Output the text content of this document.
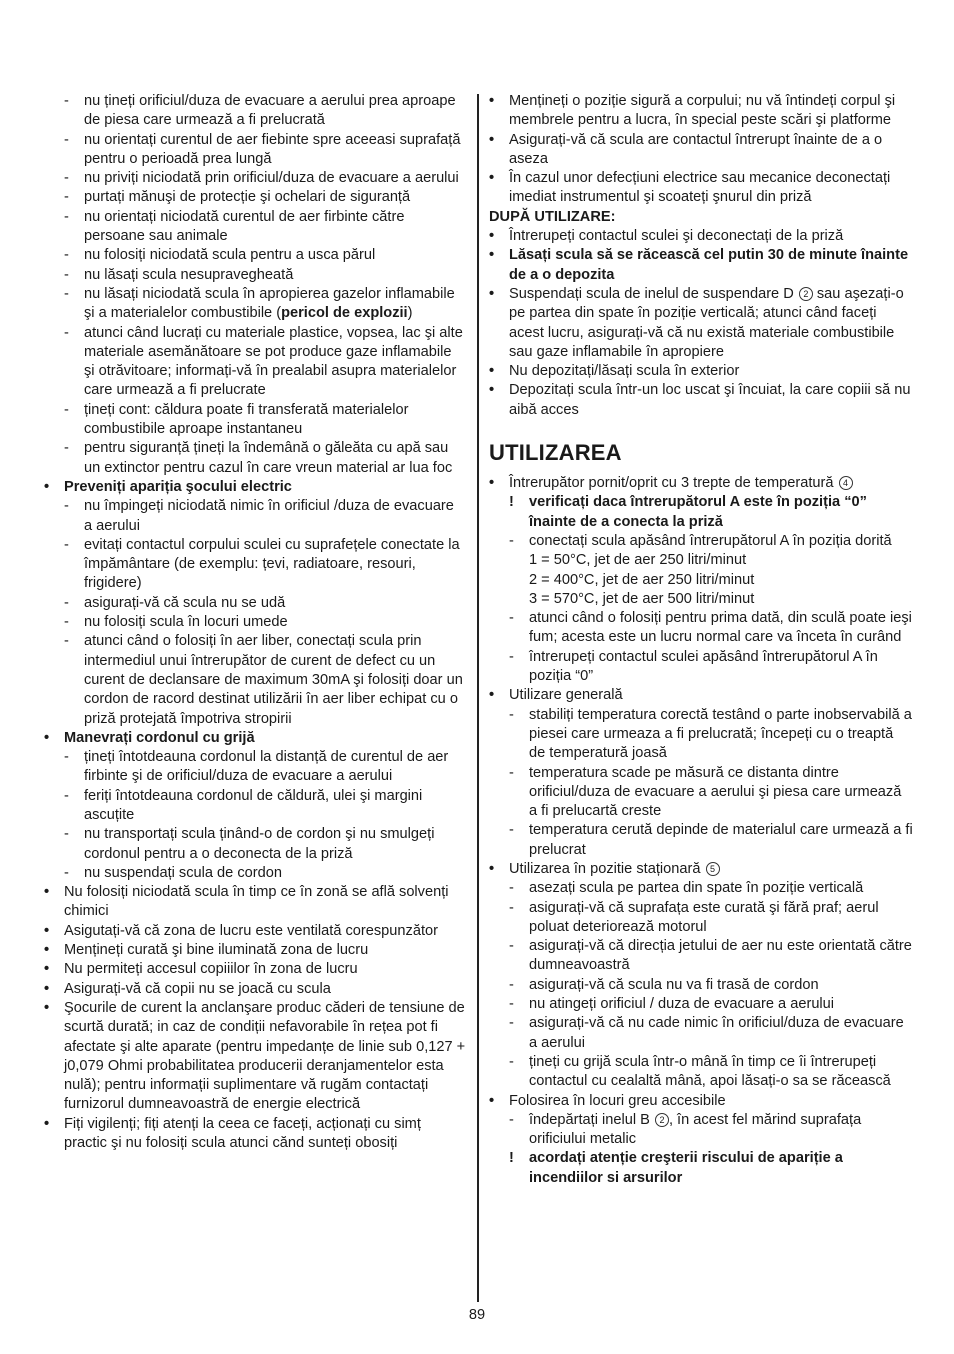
- nu țineți orificiul/duza de evacuare a aerului prea aproape de piesa care urmează a fi prelucrată
- nu orientați curentul de aer fiebinte spre aceeasi suprafață pentru o perioadă prea lungă
- nu priviți niciodată prin orificiul/duza de evacuare a aerului
- purtați mănuşi de protecție şi ochelari de siguranță
- nu orientați niciodată curentul de aer firbinte către persoane sau animale
- nu folosiți niciodată scula pentru a usca părul
- nu lăsați scula nesupravegheată
- nu lăsați niciodată scula în apropierea gazelor inflamabile şi a materialelor combustibile (pericol de explozii)
- atunci când lucrați cu materiale plastice, vopsea, lac şi alte materiale asemănătoare se pot produce gaze inflamabile şi otrăvitoare; informați-vă în prealabil asupra materialelor care urmează a fi prelucrate
- țineți cont: căldura poate fi transferată materialelor combustibile aproape instantaneu
- pentru siguranță țineți la îndemână o găleăta cu apă sau un extinctor pentru cazul în care vreun material ar lua foc
• Preveniți apariția şocului electric
- nu împingeți niciodată nimic în orificiul /duza de evacuare a aerului
- evitați contactul corpului sculei cu suprafețele conectate la împământare (de exemplu: țevi, radiatoare, resouri, frigidere)
- asigurați-vă că scula nu se udă
- nu folosiți scula în locuri umede
- atunci când o folosiți în aer liber, conectați scula prin intermediul unui întrerupător de curent de defect cu un curent de declansare de maximum 30mA şi folosiți doar un cordon de racord destinat utilizării în aer liber echipat cu o priză protejată împotriva stropirii
• Manevrați cordonul cu grijă
- țineți întotdeauna cordonul la distanță de curentul de aer firbinte şi de orificiul/duza de evacuare a aerului
- feriți întotdeauna cordonul de căldură, ulei şi margini ascuțite
- nu transportați scula ținând-o de cordon şi nu smulgeți cordonul pentru a o deconecta de la priză
- nu suspendați scula de cordon
• Nu folosiți niciodată scula în timp ce în zonă se află solvenți chimici
• Asigutați-vă că zona de lucru este ventilată corespunzător
• Mențineți curată şi bine iluminată zona de lucru
• Nu permiteți accesul copiiilor în zona de lucru
• Asigurați-vă că copii nu se joacă cu scula
• Şocurile de curent la anclanşare produc căderi de tensiune de scurtă durată; in caz de condiții nefavorabile în rețea pot fi afectate şi alte aparate (pentru impedanțe de linie sub 0,127 + j0,079 Ohmi probabilitatea producerii deranjamentelor esta nulă); pentru informații suplimentare vă rugăm contactați furnizorul dumneavoastră de energie electrică
• Fiți vigilenți; fiți atenți la ceea ce faceți, acționați cu simț practic şi nu folosiți scula atunci cănd sunteți obosiți
• Mențineți o poziție sigură a corpului; nu vă întindeți corpul şi membrele pentru a lucra, în special peste scări şi platforme
• Asigurați-vă că scula are contactul întrerupt înainte de a o aseza
• În cazul unor defecțiuni electrice sau mecanice deconectați imediat instrumentul şi scoateți şnurul din priză
DUPĂ UTILIZARE:
• Întrerupeți contactul sculei şi deconectați de la priză
• Lăsați scula să se răcească cel putin 30 de minute înainte de a o depozita
• Suspendați scula de inelul de suspendare D 2 sau aşezați-o pe partea din spate în poziție verticală; atunci când faceți acest lucru, asigurați-vă că nu există materiale combustibile sau gaze inflamabile în apropiere
• Nu depozitați/lăsați scula în exterior
• Depozitați scula într-un loc uscat şi încuiat, la care copiii să nu aibă acces
UTILIZAREA
• Întrerupător pornit/oprit cu 3 trepte de temperatură 4
! verificați daca întrerupătorul A este în poziția “0” înainte de a conecta la priză
- conectați scula apăsând întrerupătorul A în poziția dorită
1 = 50°C, jet de aer 250 litri/minut
2 = 400°C, jet de aer 250 litri/minut
3 = 570°C, jet de aer 500 litri/minut
- atunci când o folosiți pentru prima dată, din sculă poate ieşi fum; acesta este un lucru normal care va înceta în curând
- întrerupeți contactul sculei apăsând întrerupătorul A în poziția “0”
• Utilizare generală
- stabiliți temperatura corectă testând o parte inobservabilă a piesei care urmeaza a fi prelucrată; începeți cu o treaptă de temperatură joasă
- temperatura scade pe măsură ce distanta dintre orificiul/duza de evacuare a aerului şi piesa care urmează a fi prelucartă creste
- temperatura cerută depinde de materialul care urmează a fi prelucrat
• Utilizarea în pozitie staționară 5
- asezați scula pe partea din spate în poziție verticală
- asigurați-vă că suprafața este curată şi fără praf; aerul poluat deteriorează motorul
- asigurați-vă că direcția jetului de aer nu este orientată către dumneavoastră
- asigurați-vă că scula nu va fi trasă de cordon
- nu atingeți orificiul / duza de evacuare a aerului
- asigurați-vă că nu cade nimic în orificiul/duza de evacuare a aerului
- țineți cu grijă scula într-o mână în timp ce îi întrerupeți contactul cu cealaltă mână, apoi lăsați-o sa se răcească
• Folosirea în locuri greu accesibile
- îndepărtați inelul B 2 , în acest fel mărind suprafața orificiului metalic
! acordați atenție creşterii riscului de apariție a incendiilor si arsurilor
89
